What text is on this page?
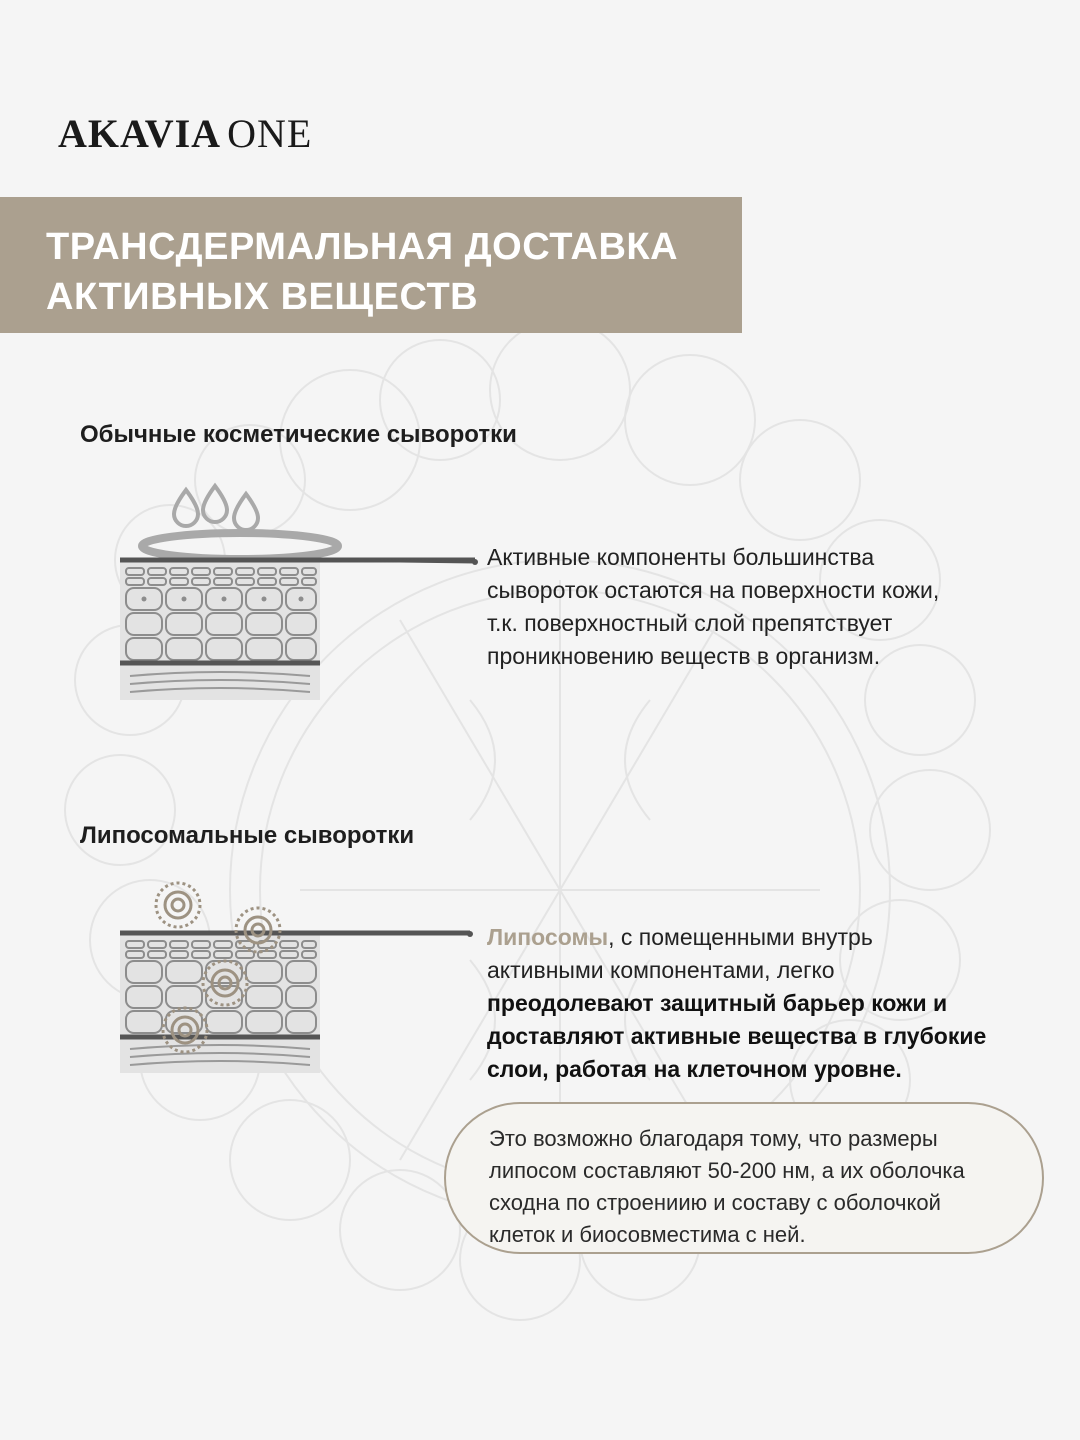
AKAVIA ONE
ТРАНСДЕРМАЛЬНАЯ ДОСТАВКА
АКТИВНЫХ ВЕЩЕСТВ
Обычные косметические сыворотки

Активные компоненты большинства
сывороток остаются на поверхности кожи,
т.к. поверхностный слой препятствует
проникновению веществ в организм.

Липосомальные сыворотки

Липосомы, с помещенными внутрь
активными компонентами, легко
преодолевают защитный барьер кожи и
доставляют активные вещества в глубокие
слои, работая на клеточном уровне.

Это возможно благодаря тому, что размеры
липосом составляют 50-200 нм, а их оболочка
сходна по строениию и составу с оболочкой
клеток и биосовместима с ней.
